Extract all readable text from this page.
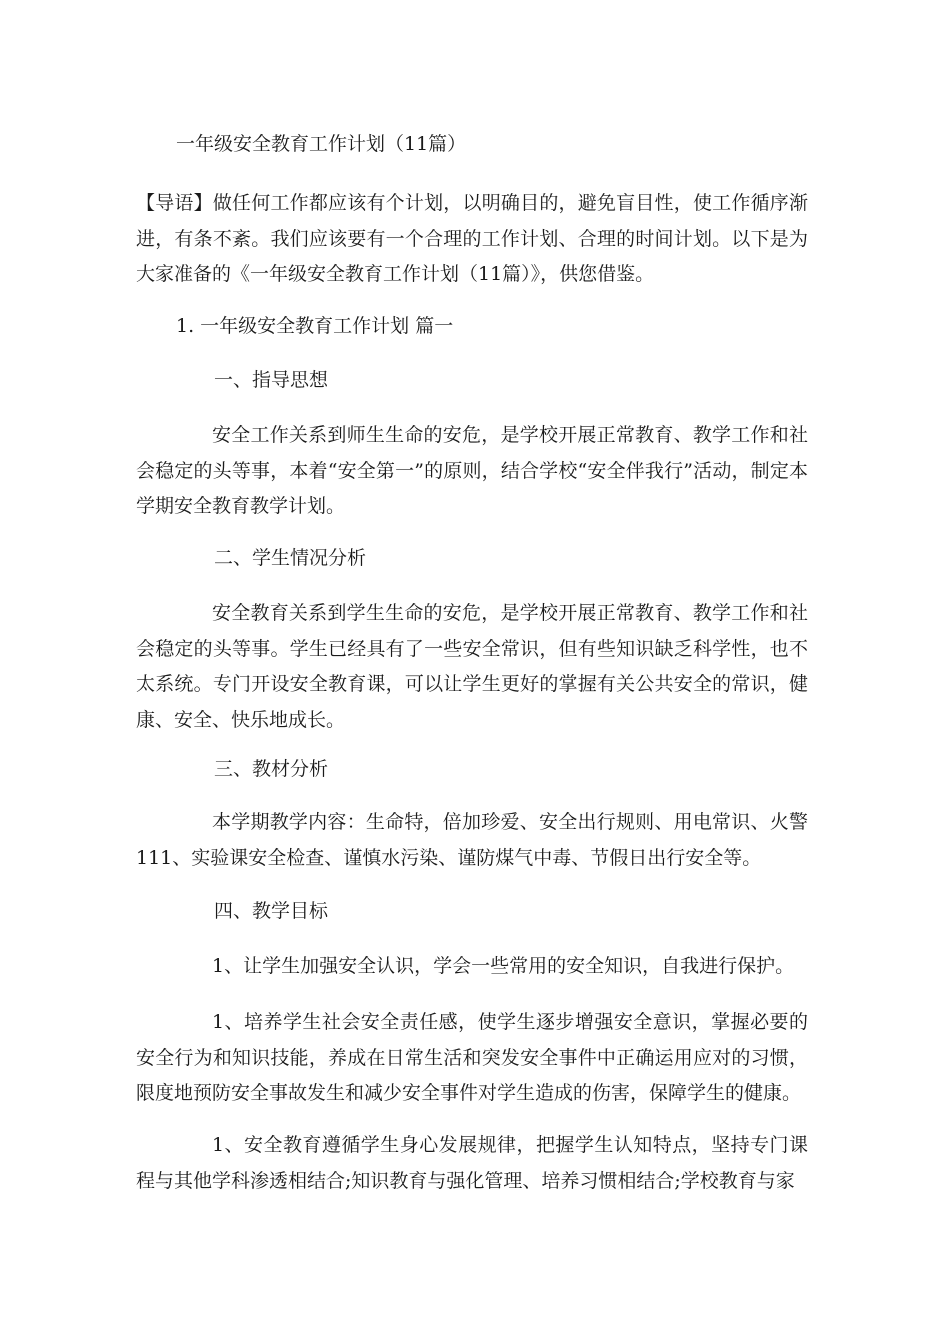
一年级安全教育工作计划（11篇）

【导语】做任何工作都应该有个计划，以明确目的，避免盲目性，使工作循序渐进，有条不紊。我们应该要有一个合理的工作计划、合理的时间计划。以下是为大家准备的《一年级安全教育工作计划（11篇）》，供您借鉴。

1. 一年级安全教育工作计划 篇一
一、指导思想

安全工作关系到师生生命的安危，是学校开展正常教育、教学工作和社会稳定的头等事，本着“安全第一”的原则，结合学校“安全伴我行”活动，制定本学期安全教育教学计划。

二、学生情况分析

安全教育关系到学生生命的安危，是学校开展正常教育、教学工作和社会稳定的头等事。学生已经具有了一些安全常识，但有些知识缺乏科学性，也不太系统。专门开设安全教育课，可以让学生更好的掌握有关公共安全的常识，健康、安全、快乐地成长。

三、教材分析

本学期教学内容：生命特，倍加珍爱、安全出行规则、用电常识、火警111、实验课安全检查、谨慎水污染、谨防煤气中毒、节假日出行安全等。

四、教学目标

1、让学生加强安全认识，学会一些常用的安全知识，自我进行保护。

1、培养学生社会安全责任感，使学生逐步增强安全意识，掌握必要的安全行为和知识技能，养成在日常生活和突发安全事件中正确运用应对的习惯，限度地预防安全事故发生和减少安全事件对学生造成的伤害，保障学生的健康。

1、安全教育遵循学生身心发展规律，把握学生认知特点，坚持专门课程与其他学科渗透相结合;知识教育与强化管理、培养习惯相结合;学校教育与家
